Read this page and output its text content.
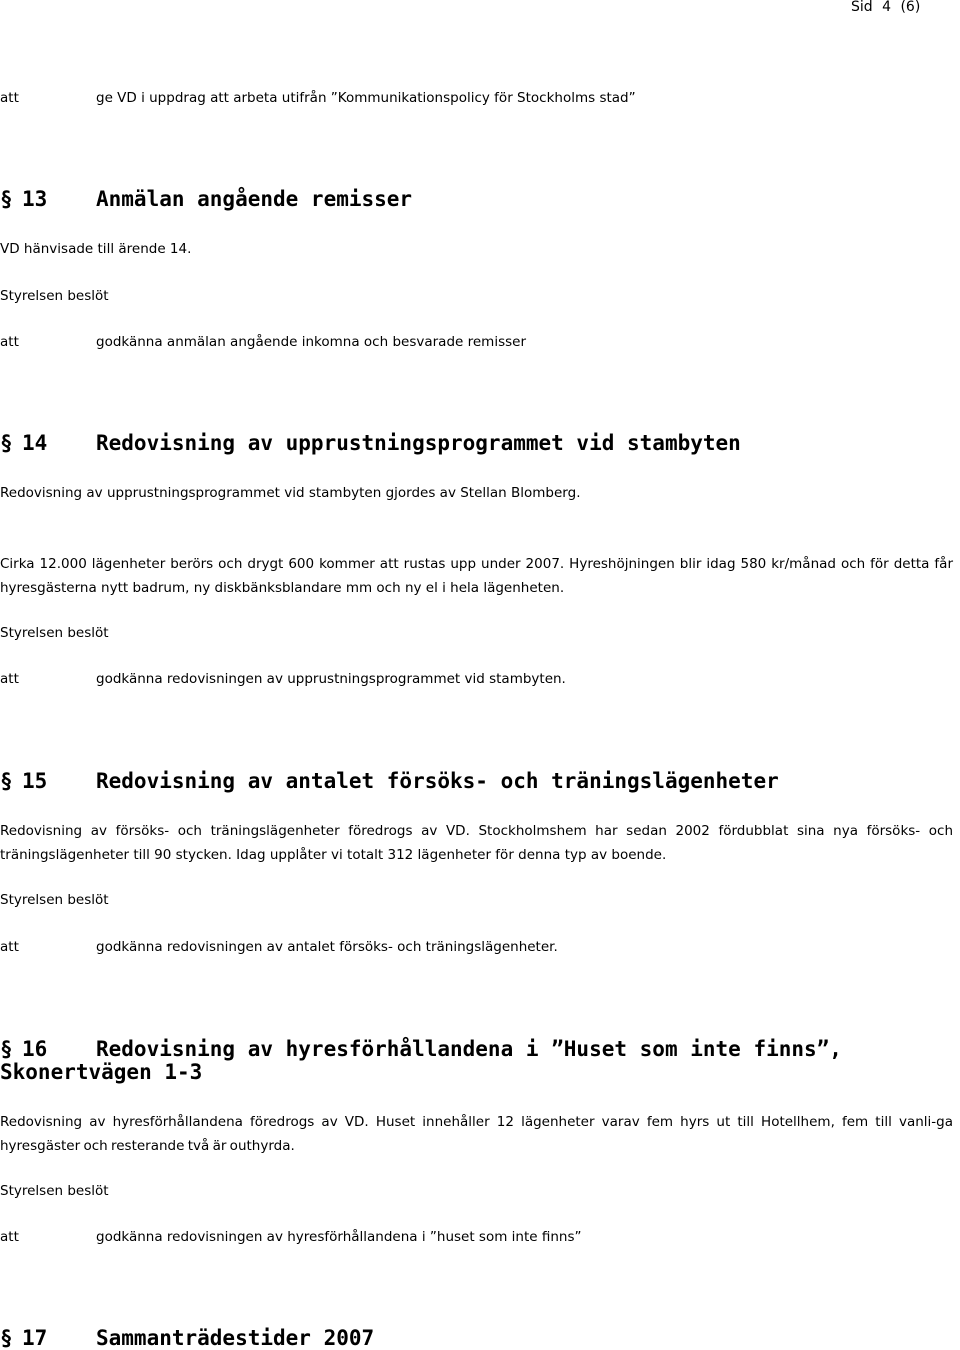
Sid 4 (6)
att	ge VD i uppdrag att arbeta utifrån ”Kommunikationspolicy för Stockholms stad”
§ 13 Anmälan angående remisser
VD hänvisade till ärende 14.
Styrelsen beslöt
att	godkänna anmälan angående inkomna och besvarade remisser
§ 14 Redovisning av upprustningsprogrammet vid stambyten
Redovisning av upprustningsprogrammet vid stambyten gjordes av Stellan Blomberg.
Cirka 12.000 lägenheter berörs och drygt 600 kommer att rustas upp under 2007. Hyreshöjningen blir idag 580 kr/månad och för detta får hyresgästerna nytt badrum, ny diskbänksblandare mm och ny el i hela lägenheten.
Styrelsen beslöt
att	godkänna redovisningen av upprustningsprogrammet vid stambyten.
§ 15 Redovisning av antalet försöks- och träningslägenheter
Redovisning av försöks- och träningslägenheter föredrogs av VD. Stockholmshem har sedan 2002 fördubblat sina nya försöks- och träningslägenheter till 90 stycken. Idag upplåter vi totalt 312 lägenheter för denna typ av boende.
Styrelsen beslöt
att	godkänna redovisningen av antalet försöks- och träningslägenheter.
§ 16 Redovisning av hyresförhållandena i ”Huset som inte finns”,
Skonertvägen 1-3
Redovisning av hyresförhållandena föredrogs av VD. Huset innehåller 12 lägenheter varav fem hyrs ut till Hotellhem, fem till vanli-ga hyresgäster och resterande två är outhyrda.
Styrelsen beslöt
att	godkänna redovisningen av hyresförhållandena i ”huset som inte finns”
§ 17 Sammanträdestider 2007
